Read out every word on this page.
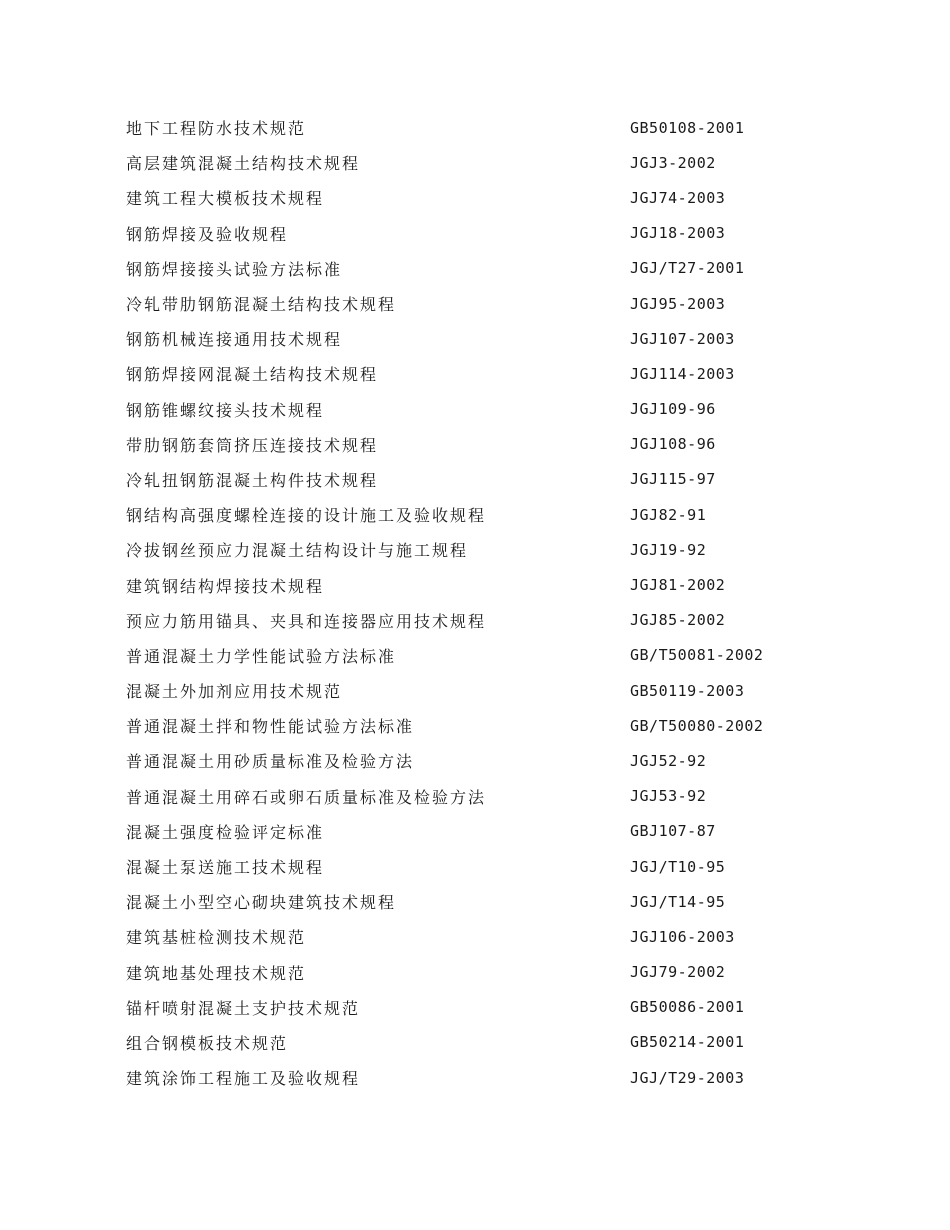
地下工程防水技术规范	GB50108-2001
高层建筑混凝土结构技术规程	JGJ3-2002
建筑工程大模板技术规程	JGJ74-2003
钢筋焊接及验收规程	JGJ18-2003
钢筋焊接接头试验方法标准	JGJ/T27-2001
冷轧带肋钢筋混凝土结构技术规程	JGJ95-2003
钢筋机械连接通用技术规程	JGJ107-2003
钢筋焊接网混凝土结构技术规程	JGJ114-2003
钢筋锥螺纹接头技术规程	JGJ109-96
带肋钢筋套筒挤压连接技术规程	JGJ108-96
冷轧扭钢筋混凝土构件技术规程	JGJ115-97
钢结构高强度螺栓连接的设计施工及验收规程	JGJ82-91
冷拔钢丝预应力混凝土结构设计与施工规程	JGJ19-92
建筑钢结构焊接技术规程	JGJ81-2002
预应力筋用锚具、夹具和连接器应用技术规程	JGJ85-2002
普通混凝土力学性能试验方法标准	GB/T50081-2002
混凝土外加剂应用技术规范	GB50119-2003
普通混凝土拌和物性能试验方法标准	GB/T50080-2002
普通混凝土用砂质量标准及检验方法	JGJ52-92
普通混凝土用碎石或卵石质量标准及检验方法	JGJ53-92
混凝土强度检验评定标准	GBJ107-87
混凝土泵送施工技术规程	JGJ/T10-95
混凝土小型空心砌块建筑技术规程	JGJ/T14-95
建筑基桩检测技术规范	JGJ106-2003
建筑地基处理技术规范	JGJ79-2002
锚杆喷射混凝土支护技术规范	GB50086-2001
组合钢模板技术规范	GB50214-2001
建筑涂饰工程施工及验收规程	JGJ/T29-2003
